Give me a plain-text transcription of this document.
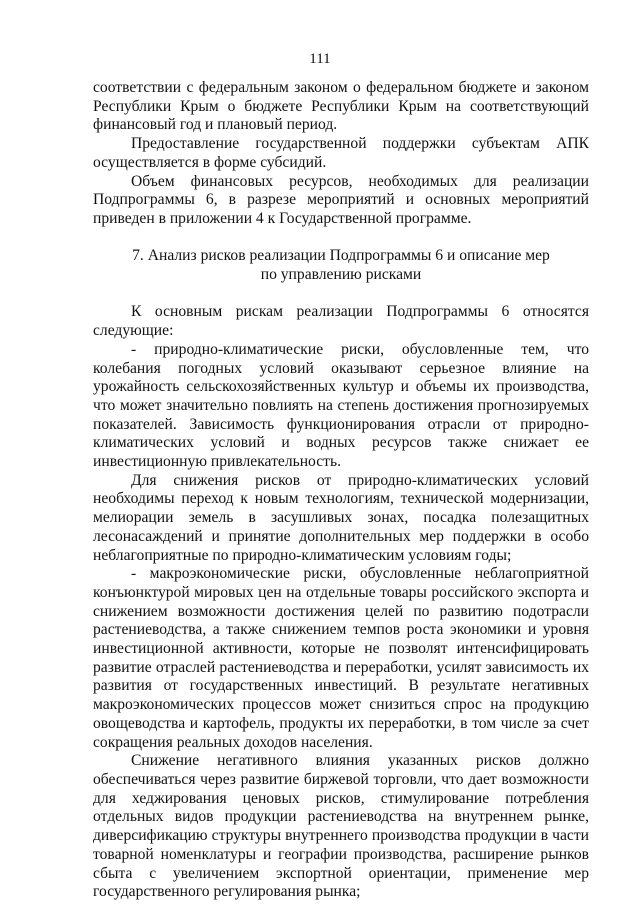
111

соответствии с федеральным законом о федеральном бюджете и законом Республики Крым о бюджете Республики Крым на соответствующий финансовый год и плановый период.

Предоставление государственной поддержки субъектам АПК осуществляется в форме субсидий.

Объем финансовых ресурсов, необходимых для реализации Подпрограммы 6, в разрезе мероприятий и основных мероприятий приведен в приложении 4 к Государственной программе.

7. Анализ рисков реализации Подпрограммы 6 и описание мер

по управлению рисками

К основным рискам реализации Подпрограммы 6 относятся следующие:

- природно-климатические риски, обусловленные тем, что колебания погодных условий оказывают серьезное влияние на урожайность сельскохозяйственных культур и объемы их производства, что может значительно повлиять на степень достижения прогнозируемых показателей. Зависимость функционирования отрасли от природно-климатических условий и водных ресурсов также снижает ее инвестиционную привлекательность.

Для снижения рисков от природно-климатических условий необходимы переход к новым технологиям, технической модернизации, мелиорации земель в засушливых зонах, посадка полезащитных лесонасаждений и принятие дополнительных мер поддержки в особо неблагоприятные по природно-климатическим условиям годы;

- макроэкономические риски, обусловленные неблагоприятной конъюнктурой мировых цен на отдельные товары российского экспорта и снижением возможности достижения целей по развитию подотрасли растениеводства, а также снижением темпов роста экономики и уровня инвестиционной активности, которые не позволят интенсифицировать развитие отраслей растениеводства и переработки, усилят зависимость их развития от государственных инвестиций. В результате негативных макроэкономических процессов может снизиться спрос на продукцию овощеводства и картофель, продукты их переработки, в том числе за счет сокращения реальных доходов населения.

Снижение негативного влияния указанных рисков должно обеспечиваться через развитие биржевой торговли, что дает возможности для хеджирования ценовых рисков, стимулирование потребления отдельных видов продукции растениеводства на внутреннем рынке, диверсификацию структуры внутреннего производства продукции в части товарной номенклатуры и географии производства, расширение рынков сбыта с увеличением экспортной ориентации, применение мер государственного регулирования рынка;
